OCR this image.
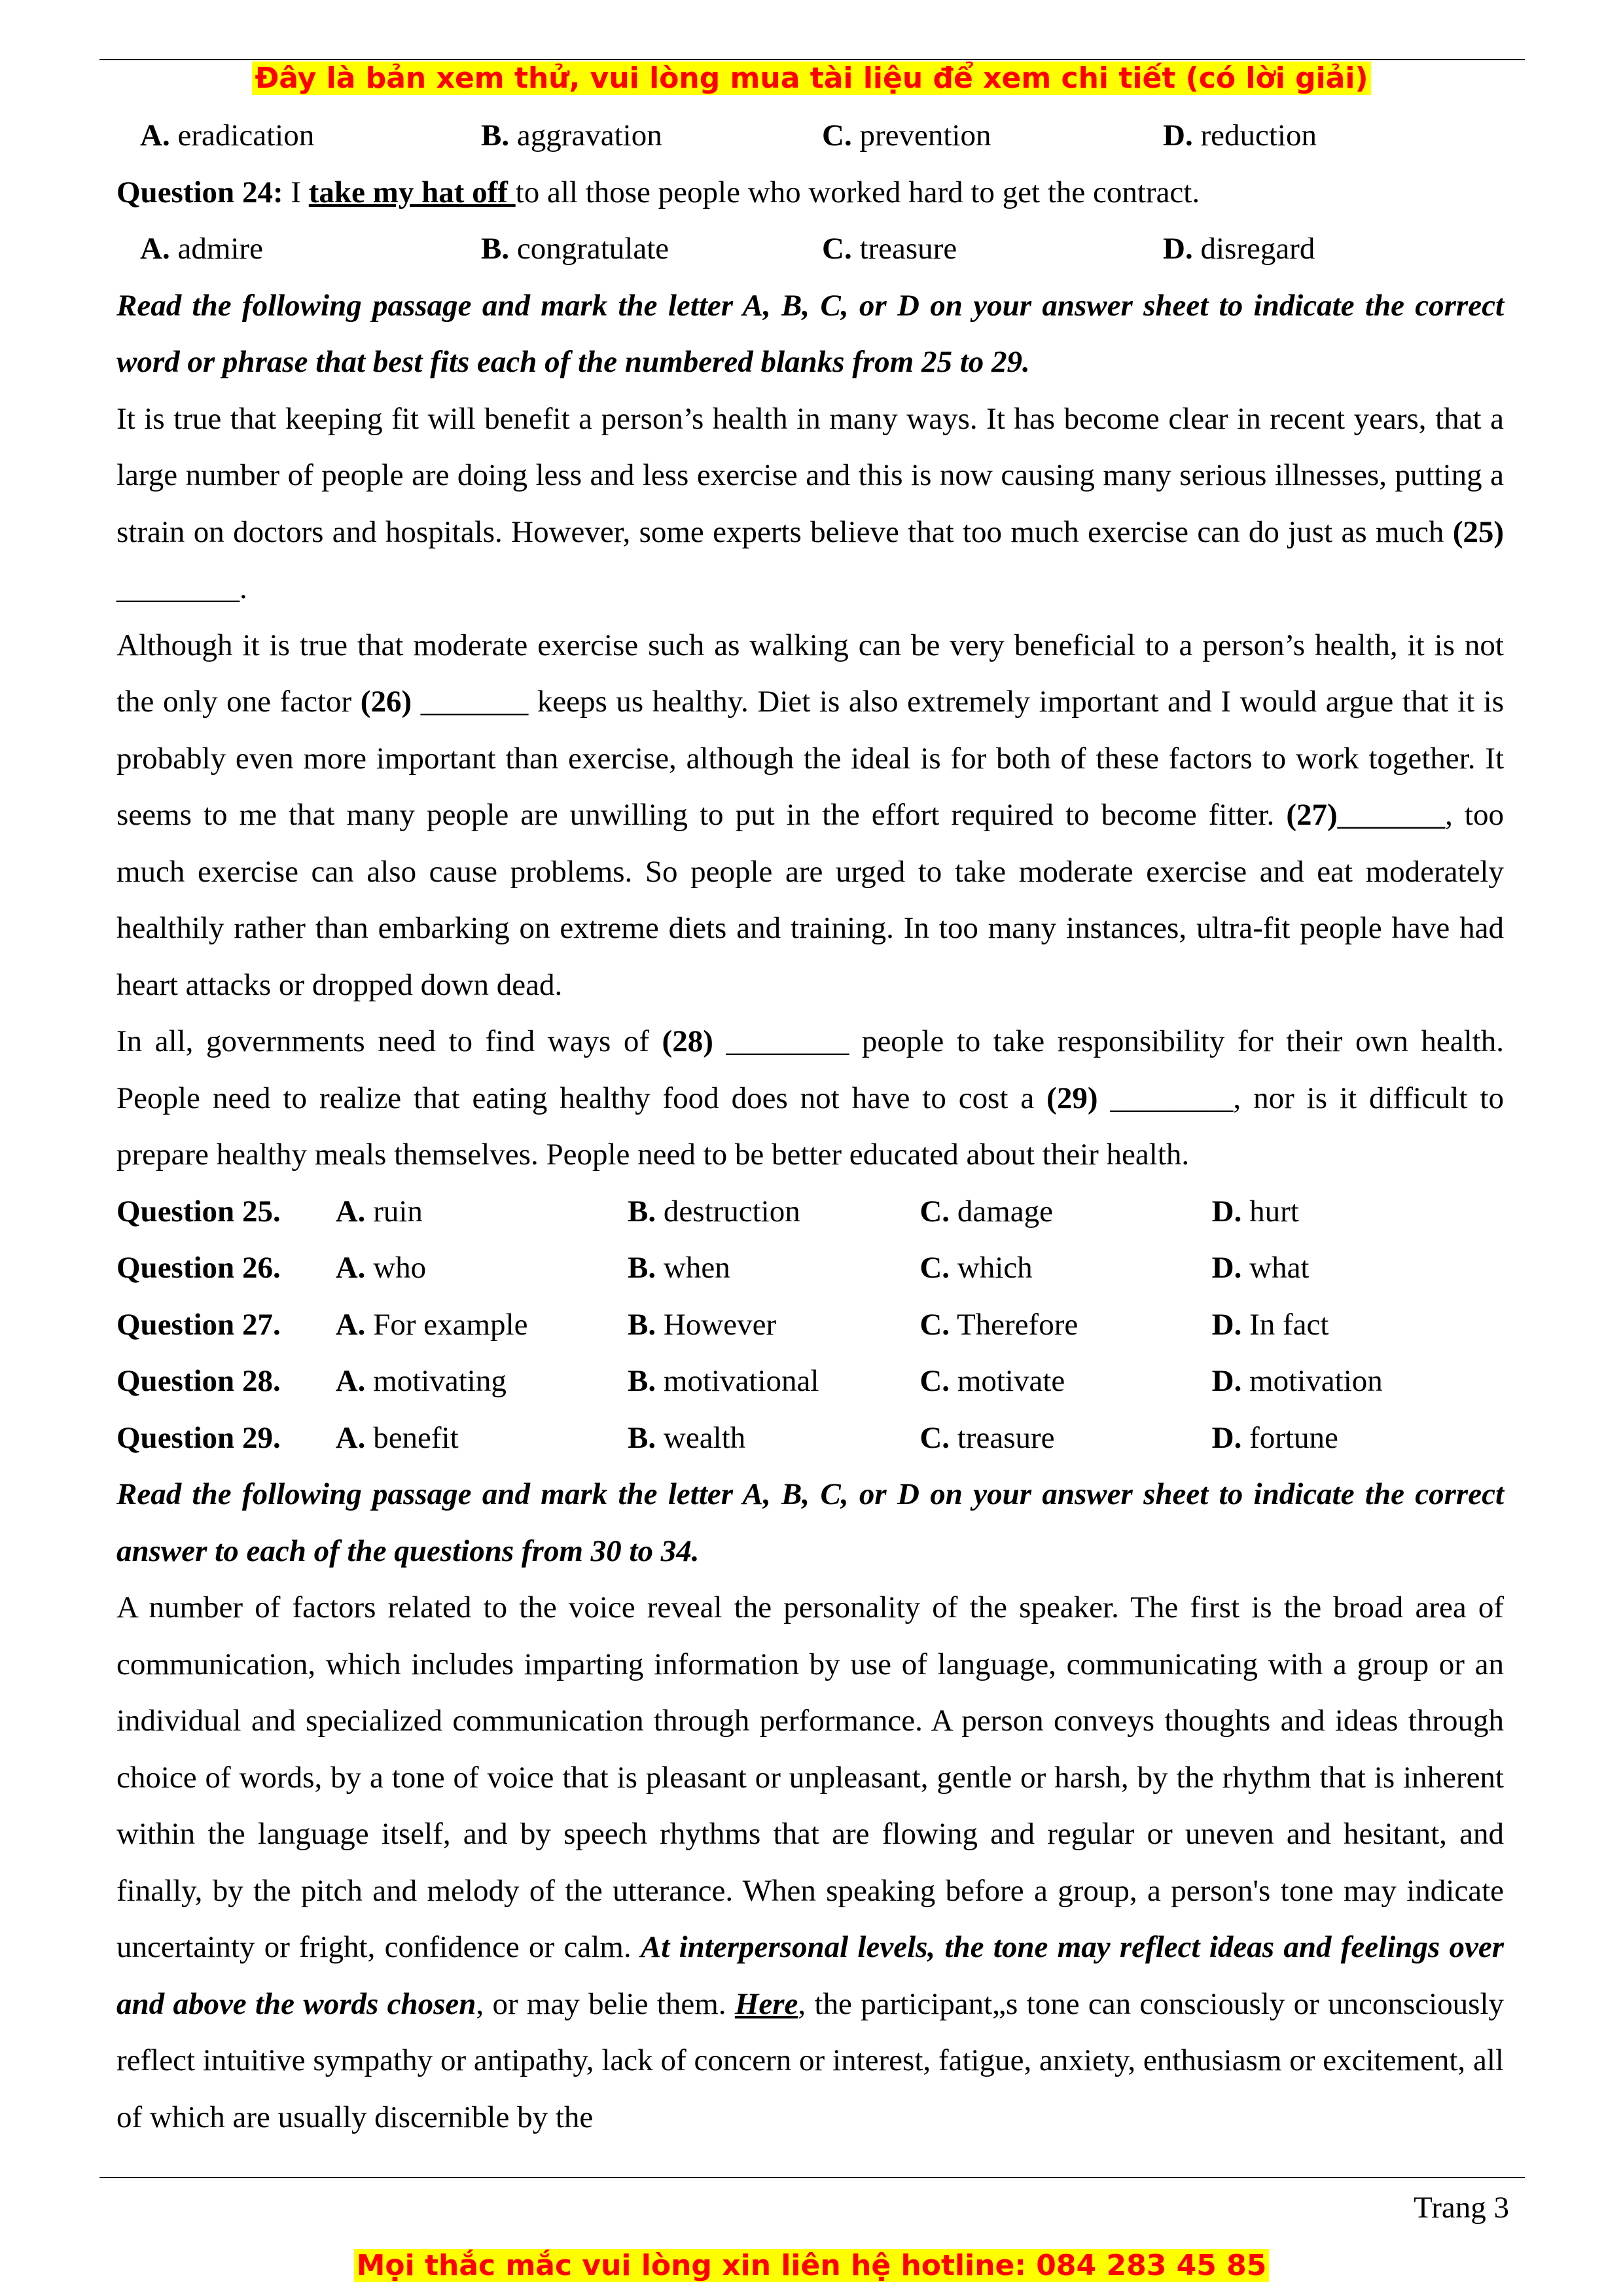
Đây là bản xem thử, vui lòng mua tài liệu để xem chi tiết (có lời giải)
A. eradication	B. aggravation	C. prevention	D. reduction
Question 24: I take my hat off to all those people who worked hard to get the contract.
A. admire	B. congratulate	C. treasure	D. disregard

Read the following passage and mark the letter A, B, C, or D on your answer sheet to indicate the correct word or phrase that best fits each of the numbered blanks from 25 to 29.

It is true that keeping fit will benefit a person’s health in many ways. It has become clear in recent years, that a large number of people are doing less and less exercise and this is now causing many serious illnesses, putting a strain on doctors and hospitals. However, some experts believe that too much exercise can do just as much (25) ________.

Although it is true that moderate exercise such as walking can be very beneficial to a person’s health, it is not the only one factor (26) _______ keeps us healthy. Diet is also extremely important and I would argue that it is probably even more important than exercise, although the ideal is for both of these factors to work together. It seems to me that many people are unwilling to put in the effort required to become fitter. (27)_______, too much exercise can also cause problems. So people are urged to take moderate exercise and eat moderately healthily rather than embarking on extreme diets and training. In too many instances, ultra-fit people have had heart attacks or dropped down dead.

In all, governments need to find ways of (28) ________ people to take responsibility for their own health. People need to realize that eating healthy food does not have to cost a (29) ________, nor is it difficult to prepare healthy meals themselves. People need to be better educated about their health.

Question 25.	A. ruin	B. destruction	C. damage	D. hurt
Question 26.	A. who	B. when	C. which	D. what
Question 27.	A. For example	B. However	C. Therefore	D. In fact
Question 28.	A. motivating	B. motivational	C. motivate	D. motivation
Question 29.	A. benefit	B. wealth	C. treasure	D. fortune

Read the following passage and mark the letter A, B, C, or D on your answer sheet to indicate the correct answer to each of the questions from 30 to 34.

A number of factors related to the voice reveal the personality of the speaker. The first is the broad area of communication, which includes imparting information by use of language, communicating with a group or an individual and specialized communication through performance. A person conveys thoughts and ideas through choice of words, by a tone of voice that is pleasant or unpleasant, gentle or harsh, by the rhythm that is inherent within the language itself, and by speech rhythms that are flowing and regular or uneven and hesitant, and finally, by the pitch and melody of the utterance. When speaking before a group, a person's tone may indicate uncertainty or fright, confidence or calm. At interpersonal levels, the tone may reflect ideas and feelings over and above the words chosen, or may belie them. Here, the participant„s tone can consciously or unconsciously reflect intuitive sympathy or antipathy, lack of concern or interest, fatigue, anxiety, enthusiasm or excitement, all of which are usually discernible by the

Trang 3
Mọi thắc mắc vui lòng xin liên hệ hotline: 084 283 45 85
